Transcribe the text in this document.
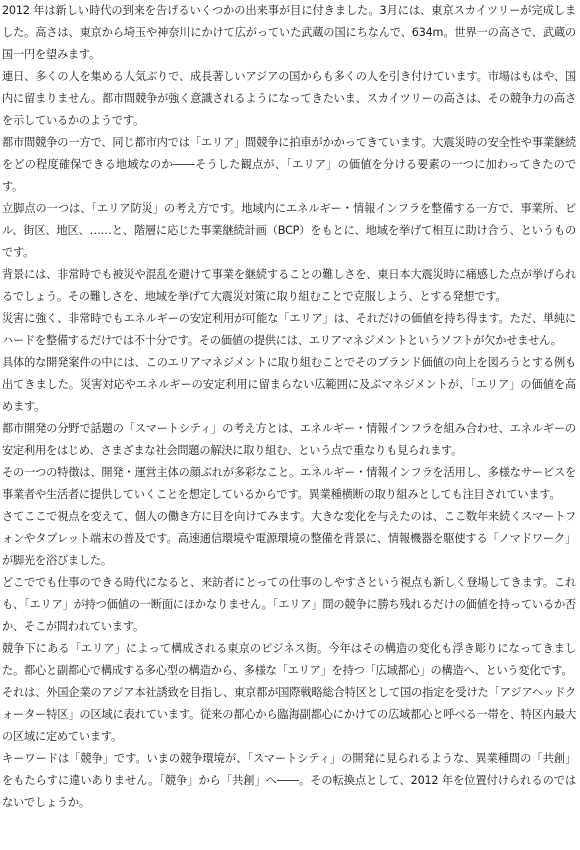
2012 年は新しい時代の到来を告げるいくつかの出来事が目に付きました。3月には、東京スカイツリーが完成しました。高さは、東京から埼玉や神奈川にかけて広がっていた武蔵の国にちなんで、634m。世界一の高さで、武蔵の国一円を望みます。

連日、多くの人を集める人気ぶりで、成長著しいアジアの国からも多くの人を引き付けています。市場はもはや、国内に留まりません。都市間競争が強く意識されるようになってきたいま、スカイツリーの高さは、その競争力の高さを示しているかのようです。

都市間競争の一方で、同じ都市内では「エリア」間競争に拍車がかかってきています。大震災時の安全性や事業継続をどの程度確保できる地域なのか――そうした観点が、「エリア」の価値を分ける要素の一つに加わってきたのです。

立脚点の一つは、「エリア防災」の考え方です。地域内にエネルギー・情報インフラを整備する一方で、事業所、ビル、街区、地区、……と、階層に応じた事業継続計画（BCP）をもとに、地域を挙げて相互に助け合う、というものです。

背景には、非常時でも被災や混乱を避けて事業を継続することの難しさを、東日本大震災時に痛感した点が挙げられるでしょう。その難しさを、地域を挙げて大震災対策に取り組むことで克服しよう、とする発想です。

災害に強く、非常時でもエネルギーの安定利用が可能な「エリア」は、それだけの価値を持ち得ます。ただ、単純にハードを整備するだけでは不十分です。その価値の提供には、エリアマネジメントというソフトが欠かせません。

具体的な開発案件の中には、このエリアマネジメントに取り組むことでそのブランド価値の向上を図ろうとする例も出てきました。災害対応やエネルギーの安定利用に留まらない広範囲に及ぶマネジメントが、「エリア」の価値を高めます。

都市開発の分野で話題の「スマートシティ」の考え方とは、エネルギー・情報インフラを組み合わせ、エネルギーの安定利用をはじめ、さまざまな社会問題の解決に取り組む、という点で重なりも見られます。

その一つの特徴は、開発・運営主体の顔ぶれが多彩なこと。エネルギー・情報インフラを活用し、多様なサービスを事業者や生活者に提供していくことを想定しているからです。異業種横断の取り組みとしても注目されています。

さてここで視点を変えて、個人の働き方に目を向けてみます。大きな変化を与えたのは、ここ数年来続くスマートフォンやタブレット端末の普及です。高速通信環境や電源環境の整備を背景に、情報機器を駆使する「ノマドワーク」が脚光を浴びました。

どこででも仕事のできる時代になると、来訪者にとっての仕事のしやすさという視点も新しく登場してきます。これも、「エリア」が持つ価値の一断面にほかなりません。「エリア」間の競争に勝ち残れるだけの価値を持っているか否か、そこが問われています。

競争下にある「エリア」によって構成される東京のビジネス街。今年はその構造の変化も浮き彫りになってきました。都心と副都心で構成する多心型の構造から、多様な「エリア」を持つ「広域都心」の構造へ、という変化です。

それは、外国企業のアジア本社誘致を目指し、東京都が国際戦略総合特区として国の指定を受けた「アジアヘッドクォーター特区」の区域に表れています。従来の都心から臨海副都心にかけての広域都心と呼べる一帯を、特区内最大の区域に定めています。

キーワードは「競争」です。いまの競争環境が、「スマートシティ」の開発に見られるような、異業種間の「共創」をもたらすに違いありません。「競争」から「共創」へ――。その転換点として、2012 年を位置付けられるのではないでしょうか。
